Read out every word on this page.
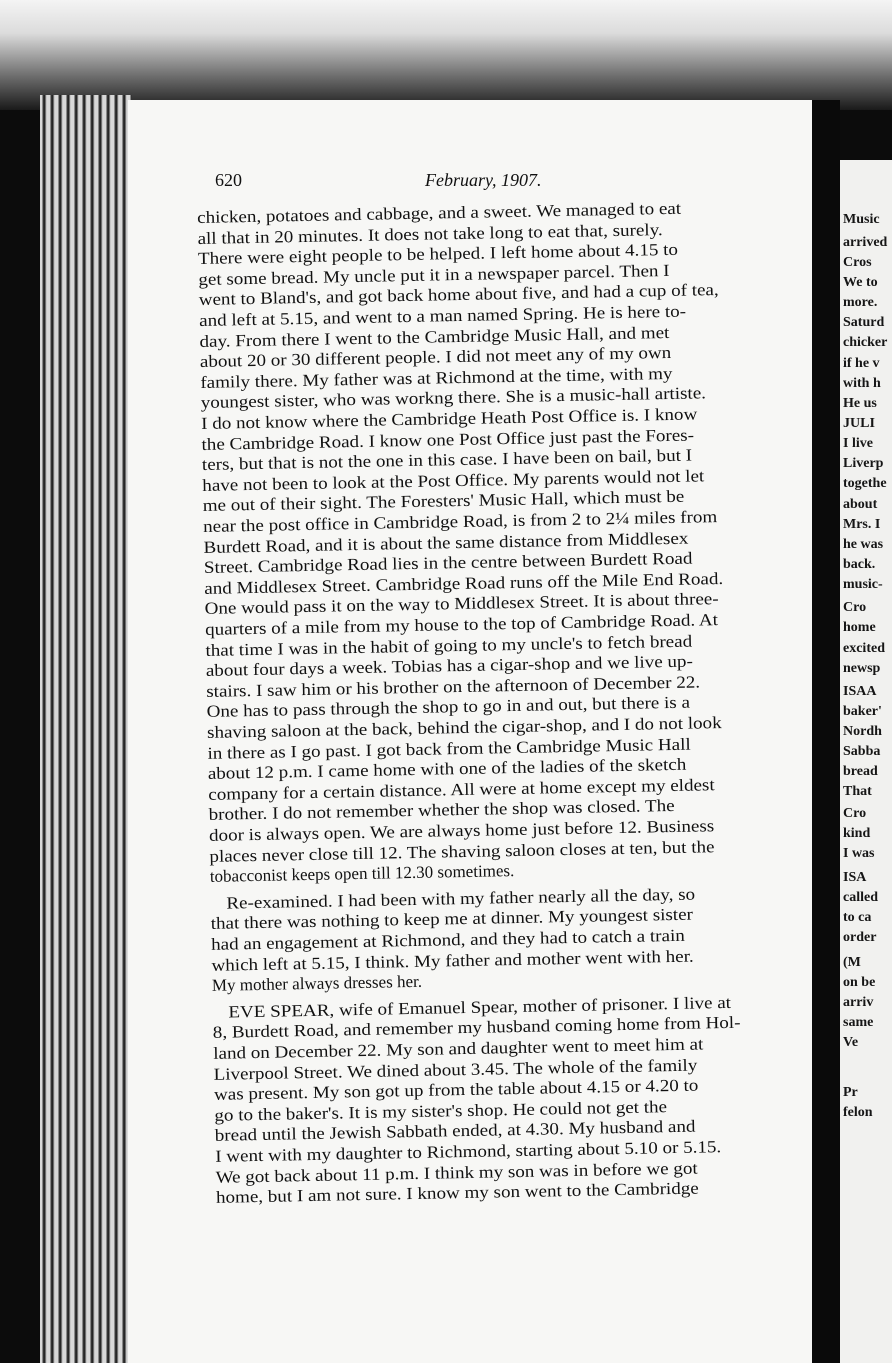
Music
arrived
Cros
We to
more.
Saturd
chicker
if he v
with h
He us
JULI
I live
Liverp
togethe
about
Mrs. I
he was
back.
music-
Cro
home
excited
newsp
ISAA
baker'
Nordh
Sabba
bread
That
Cro
kind
I was
ISA
called
to ca
order
(M
on be
arriv
same
Ve
Pr
felon
620	February, 1907.
chicken, potatoes and cabbage, and a sweet. We managed to eat
all that in 20 minutes. It does not take long to eat that, surely.
There were eight people to be helped. I left home about 4.15 to
get some bread. My uncle put it in a newspaper parcel. Then I
went to Bland's, and got back home about five, and had a cup of tea,
and left at 5.15, and went to a man named Spring. He is here to-
day. From there I went to the Cambridge Music Hall, and met
about 20 or 30 different people. I did not meet any of my own
family there. My father was at Richmond at the time, with my
youngest sister, who was workng there. She is a music-hall artiste.
I do not know where the Cambridge Heath Post Office is. I know
the Cambridge Road. I know one Post Office just past the Fores-
ters, but that is not the one in this case. I have been on bail, but I
have not been to look at the Post Office. My parents would not let
me out of their sight. The Foresters' Music Hall, which must be
near the post office in Cambridge Road, is from 2 to 2¼ miles from
Burdett Road, and it is about the same distance from Middlesex
Street. Cambridge Road lies in the centre between Burdett Road
and Middlesex Street. Cambridge Road runs off the Mile End Road.
One would pass it on the way to Middlesex Street. It is about three-
quarters of a mile from my house to the top of Cambridge Road. At
that time I was in the habit of going to my uncle's to fetch bread
about four days a week. Tobias has a cigar-shop and we live up-
stairs. I saw him or his brother on the afternoon of December 22.
One has to pass through the shop to go in and out, but there is a
shaving saloon at the back, behind the cigar-shop, and I do not look
in there as I go past. I got back from the Cambridge Music Hall
about 12 p.m. I came home with one of the ladies of the sketch
company for a certain distance. All were at home except my eldest
brother. I do not remember whether the shop was closed. The
door is always open. We are always home just before 12. Business
places never close till 12. The shaving saloon closes at ten, but the
tobacconist keeps open till 12.30 sometimes.
Re-examined. I had been with my father nearly all the day, so
that there was nothing to keep me at dinner. My youngest sister
had an engagement at Richmond, and they had to catch a train
which left at 5.15, I think. My father and mother went with her.
My mother always dresses her.
EVE SPEAR, wife of Emanuel Spear, mother of prisoner. I live at
8, Burdett Road, and remember my husband coming home from Hol-
land on December 22. My son and daughter went to meet him at
Liverpool Street. We dined about 3.45. The whole of the family
was present. My son got up from the table about 4.15 or 4.20 to
go to the baker's. It is my sister's shop. He could not get the
bread until the Jewish Sabbath ended, at 4.30. My husband and
I went with my daughter to Richmond, starting about 5.10 or 5.15.
We got back about 11 p.m. I think my son was in before we got
home, but I am not sure. I know my son went to the Cambridge
